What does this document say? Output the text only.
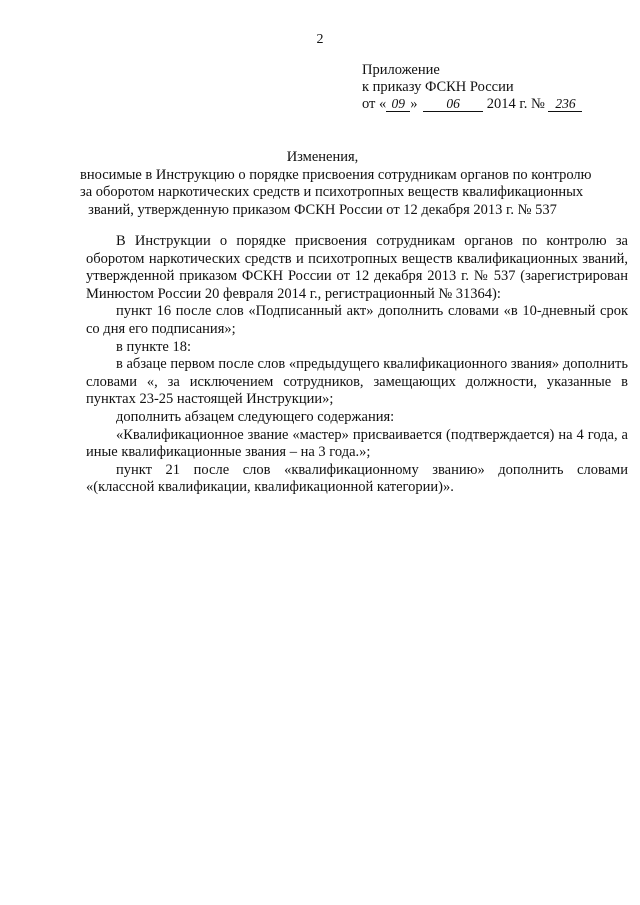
2
Приложение
к приказу ФСКН России
от « 09 » 06 2014 г. № 236
Изменения,
вносимые в Инструкцию о порядке присвоения сотрудникам органов по контролю
за оборотом наркотических средств и психотропных веществ квалификационных
званий, утвержденную приказом ФСКН России от 12 декабря 2013 г. № 537

В Инструкции о порядке присвоения сотрудникам органов по контролю за оборотом наркотических средств и психотропных веществ квалификационных званий, утвержденной приказом ФСКН России от 12 декабря 2013 г. № 537 (зарегистрирован Минюстом России 20 февраля 2014 г., регистрационный № 31364):

пункт 16 после слов «Подписанный акт» дополнить словами «в 10-дневный срок со дня его подписания»;

в пункте 18:

в абзаце первом после слов «предыдущего квалификационного звания» дополнить словами «, за исключением сотрудников, замещающих должности, указанные в пунктах 23-25 настоящей Инструкции»;

дополнить абзацем следующего содержания:

«Квалификационное звание «мастер» присваивается (подтверждается) на 4 года, а иные квалификационные звания – на 3 года.»;

пункт 21 после слов «квалификационному званию» дополнить словами «(классной квалификации, квалификационной категории)».
